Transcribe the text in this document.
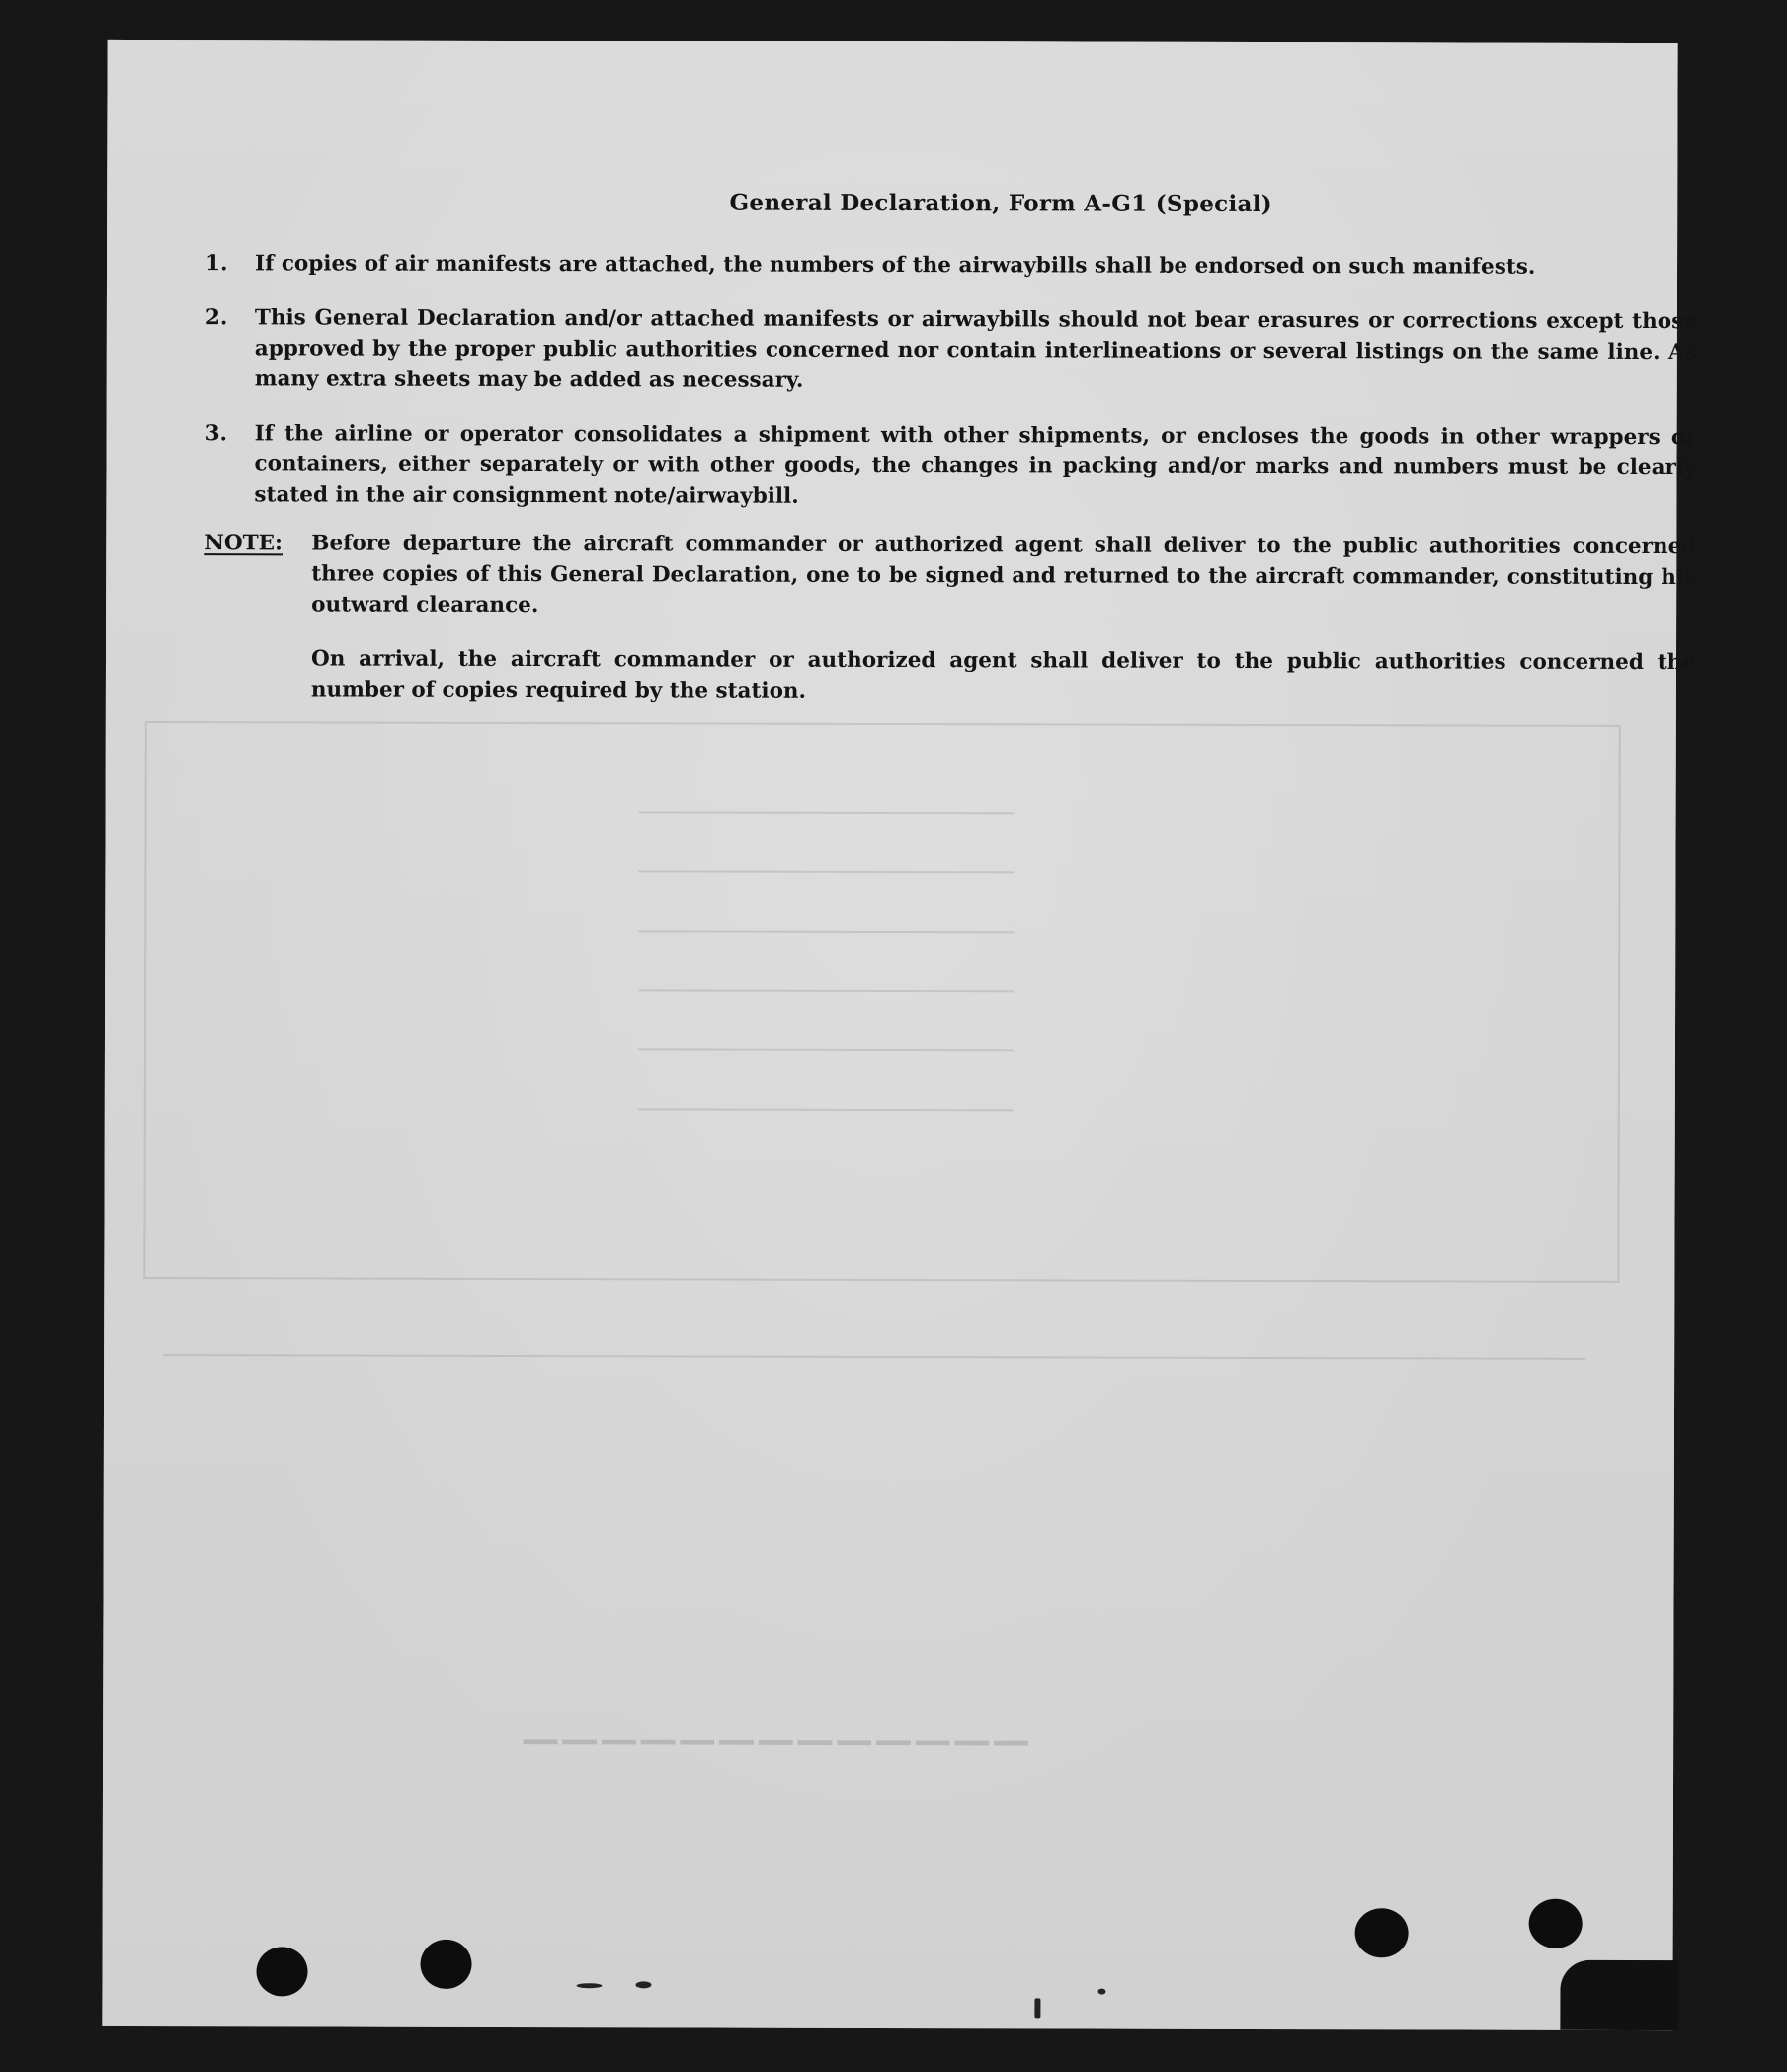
─────────────
General Declaration, Form A-G1 (Special)
1.	If copies of air manifests are attached, the numbers of the airwaybills shall be endorsed on such manifests.
2.	This General Declaration and/or attached manifests or airwaybills should not bear erasures or corrections except those approved by the proper public authorities concerned nor contain interlineations or several listings on the same line. As many extra sheets may be added as necessary.
3.	If the airline or operator consolidates a shipment with other shipments, or encloses the goods in other wrappers or containers, either separately or with other goods, the changes in packing and/or marks and numbers must be clearly stated in the air consignment note/airwaybill.
NOTE:	Before departure the aircraft commander or authorized agent shall deliver to the public authorities concerned three copies of this General Declaration, one to be signed and returned to the aircraft commander, constituting his outward clearance.

On arrival, the aircraft commander or authorized agent shall deliver to the public authorities concerned the number of copies required by the station.
